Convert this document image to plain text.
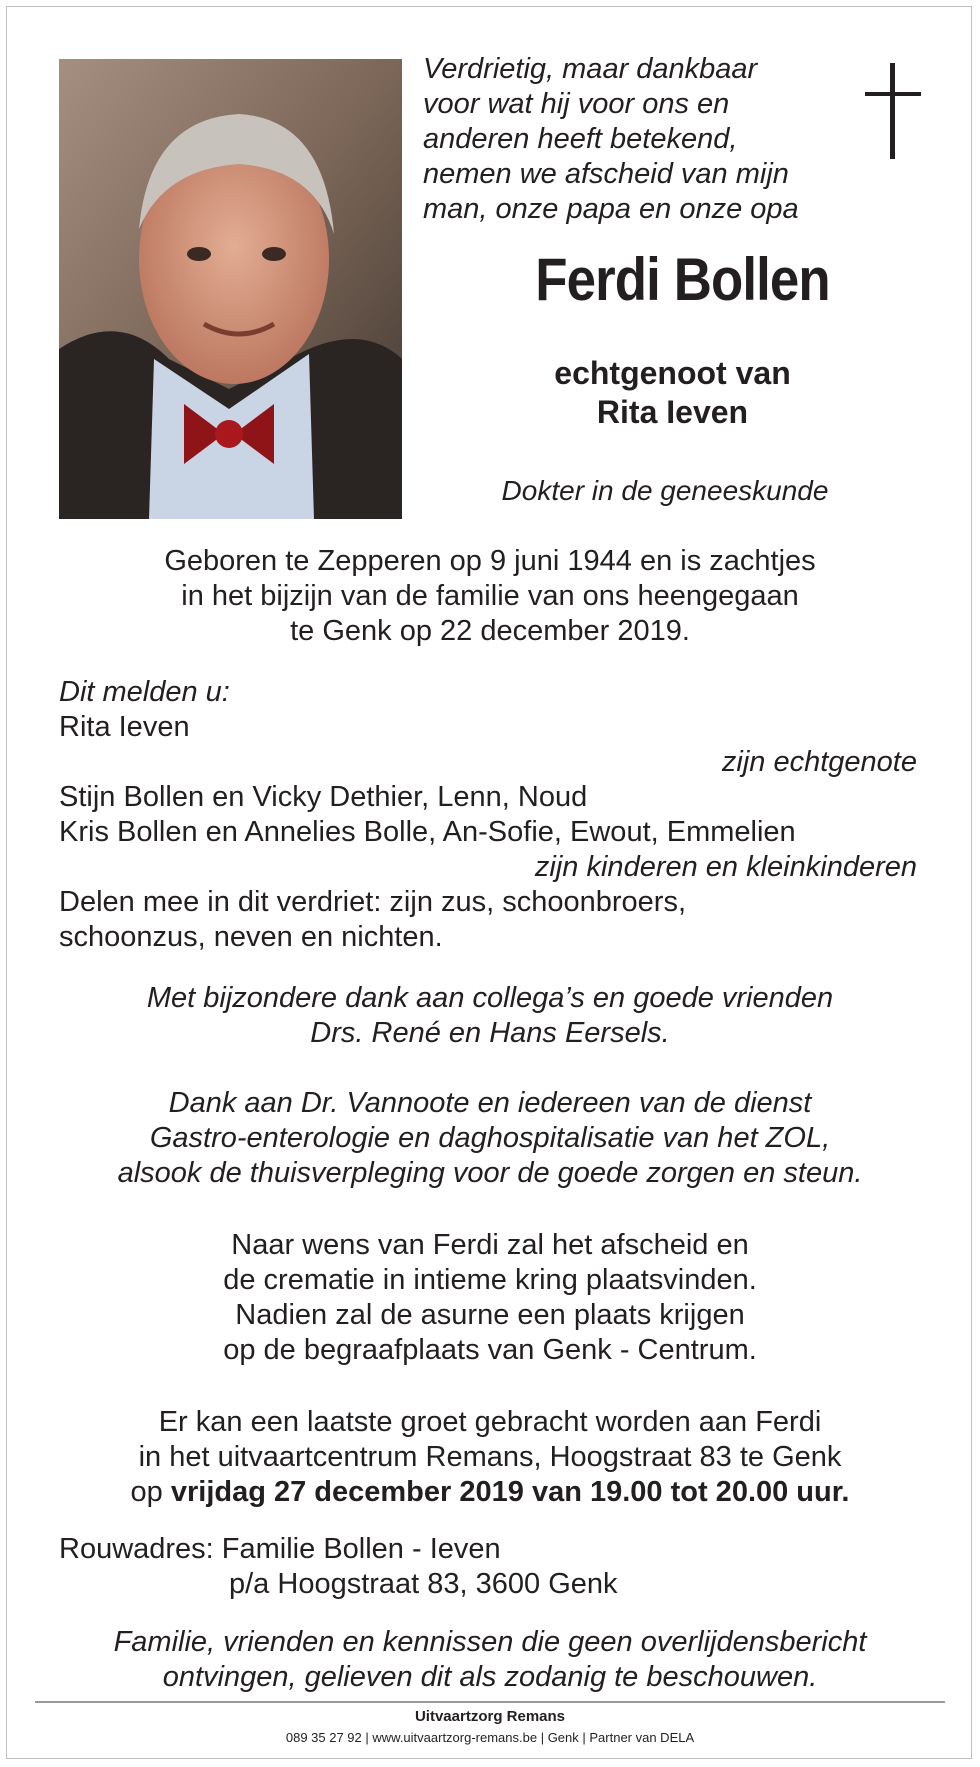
Verdrietig, maar dankbaar
voor wat hij voor ons en
anderen heeft betekend,
nemen we afscheid van mijn
man, onze papa en onze opa
Ferdi Bollen
echtgenoot van
Rita Ieven
Dokter in de geneeskunde
Geboren te Zepperen op 9 juni 1944 en is zachtjes
in het bijzijn van de familie van ons heengegaan
te Genk op 22 december 2019.
Dit melden u:
Rita Ieven
zijn echtgenote
Stijn Bollen en Vicky Dethier, Lenn, Noud
Kris Bollen en Annelies Bolle, An-Sofie, Ewout, Emmelien
zijn kinderen en kleinkinderen
Delen mee in dit verdriet: zijn zus, schoonbroers,
schoonzus, neven en nichten.
Met bijzondere dank aan collega’s en goede vrienden
Drs. René en Hans Eersels.
Dank aan Dr. Vannoote en iedereen van de dienst
Gastro-enterologie en daghospitalisatie van het ZOL,
alsook de thuisverpleging voor de goede zorgen en steun.
Naar wens van Ferdi zal het afscheid en
de crematie in intieme kring plaatsvinden.
Nadien zal de asurne een plaats krijgen
op de begraafplaats van Genk - Centrum.
Er kan een laatste groet gebracht worden aan Ferdi
in het uitvaartcentrum Remans, Hoogstraat 83 te Genk
op vrijdag 27 december 2019 van 19.00 tot 20.00 uur.
Rouwadres: Familie Bollen - Ieven
p/a Hoogstraat 83, 3600 Genk
Familie, vrienden en kennissen die geen overlijdensbericht
ontvingen, gelieven dit als zodanig te beschouwen.
Uitvaartzorg Remans
089 35 27 92 | www.uitvaartzorg-remans.be | Genk | Partner van DELA
